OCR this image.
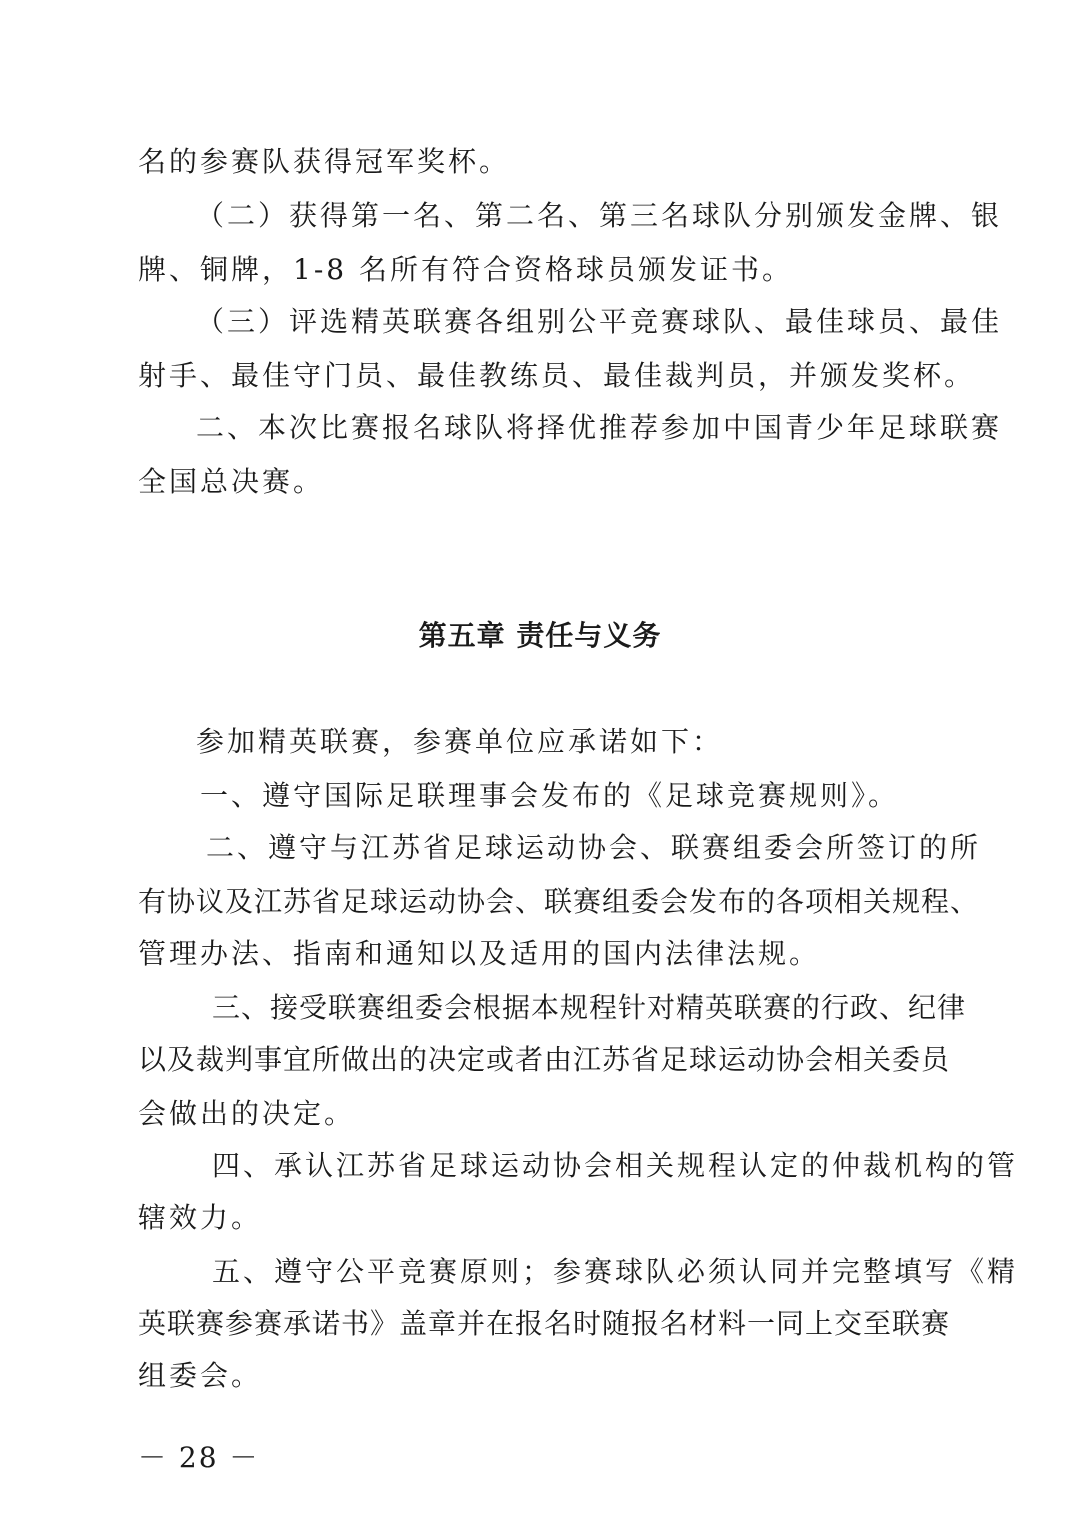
名的参赛队获得冠军奖杯。
（二）获得第一名、第二名、第三名球队分别颁发金牌、银
牌、铜牌，1-8 名所有符合资格球员颁发证书。
（三）评选精英联赛各组别公平竞赛球队、最佳球员、最佳
射手、最佳守门员、最佳教练员、最佳裁判员，并颁发奖杯。
二、本次比赛报名球队将择优推荐参加中国青少年足球联赛
全国总决赛。
第五章 责任与义务
参加精英联赛，参赛单位应承诺如下：
一、遵守国际足联理事会发布的《足球竞赛规则》。
二、遵守与江苏省足球运动协会、联赛组委会所签订的所
有协议及江苏省足球运动协会、联赛组委会发布的各项相关规程、
管理办法、指南和通知以及适用的国内法律法规。
三、接受联赛组委会根据本规程针对精英联赛的行政、纪律
以及裁判事宜所做出的决定或者由江苏省足球运动协会相关委员
会做出的决定。
四、承认江苏省足球运动协会相关规程认定的仲裁机构的管
辖效力。
五、遵守公平竞赛原则；参赛球队必须认同并完整填写《精
英联赛参赛承诺书》盖章并在报名时随报名材料一同上交至联赛
组委会。
－ 28 －
